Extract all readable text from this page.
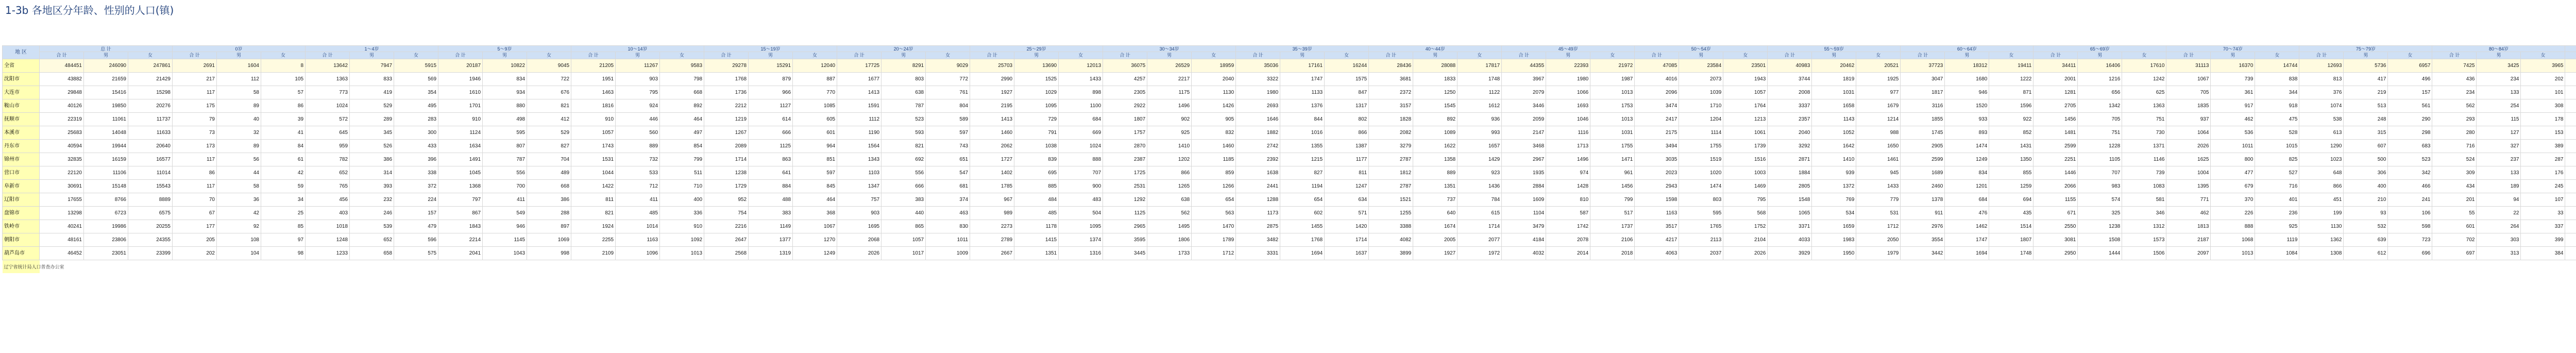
1-3b 各地区分年龄、性别的人口(镇)
地 区	总 计	0岁	1～4岁	5～9岁	10～14岁	15～19岁	20～24岁	25～29岁	30～34岁	35～39岁	40～44岁	45～49岁	50～54岁	55～59岁	60～64岁	65～69岁	70～74岁	75～79岁	80～84岁				
合 计	男	女	合 计	男	女	合 计	男	女	合 计	男	女	合 计	男	女	合 计	男	女	合 计	男	女	合 计	男	女	合 计	男	女	合 计	男	女	合 计	男	女	合 计	男	女	合 计	男	女	合 计	男	女	合 计	男	女	合 计	男	女	合 计	男	女	合 计	男	女	合 计	男	女												
全省	484451	246090	247861	2691	1604	8	13642	7947	5915	20187	10822	9045	21205	11267	9583	29278	15291	12040	17725	8291	9029	25703	13690	12013	36075	26529	18959	35036	17161	16244	28436	28088	17817	44355	22393	21972	47085	23584	23501	40983	20462	20521	37723	18312	19411	34411	16406	17610	31113	16370	14744	12693	5736	6957	7425	3425	3965												
沈阳市	43882	21659	21429	217	112	105	1363	833	569	1946	834	722	1951	903	798	1768	879	887	1677	803	772	2990	1525	1433	4257	2217	2040	3322	1747	1575	3681	1833	1748	3967	1980	1987	4016	2073	1943	3744	1819	1925	3047	1680	1222	2001	1216	1242	1067	739	838	813	417	496	436	234	202												
大连市	29848	15416	15298	117	58	57	773	419	354	1610	934	676	1463	795	668	1736	966	770	1413	638	761	1927	1029	898	2305	1175	1130	1980	1133	847	2372	1250	1122	2079	1066	1013	2096	1039	1057	2008	1031	977	1817	946	871	1281	656	625	705	361	344	376	219	157	234	133	101												
鞍山市	40126	19850	20276	175	89	86	1024	529	495	1701	880	821	1816	924	892	2212	1127	1085	1591	787	804	2195	1095	1100	2922	1496	1426	2693	1376	1317	3157	1545	1612	3446	1693	1753	3474	1710	1764	3337	1658	1679	3116	1520	1596	2705	1342	1363	1835	917	918	1074	513	561	562	254	308												
抚顺市	22319	11061	11737	79	40	39	572	289	283	910	498	412	910	446	464	1219	614	605	1112	523	589	1413	729	684	1807	902	905	1646	844	802	1828	892	936	2059	1046	1013	2417	1204	1213	2357	1143	1214	1855	933	922	1456	705	751	937	462	475	538	248	290	293	115	178												
本溪市	25683	14048	11633	73	32	41	645	345	300	1124	595	529	1057	560	497	1267	666	601	1190	593	597	1460	791	669	1757	925	832	1882	1016	866	2082	1089	993	2147	1116	1031	2175	1114	1061	2040	1052	988	1745	893	852	1481	751	730	1064	536	528	613	315	298	280	127	153												
丹东市	40594	19944	20640	173	89	84	959	526	433	1634	807	827	1743	889	854	2089	1125	964	1564	821	743	2062	1038	1024	2870	1410	1460	2742	1355	1387	3279	1622	1657	3468	1713	1755	3494	1755	1739	3292	1642	1650	2905	1474	1431	2599	1228	1371	2026	1011	1015	1290	607	683	716	327	389												
锦州市	32835	16159	16577	117	56	61	782	386	396	1491	787	704	1531	732	799	1714	863	851	1343	692	651	1727	839	888	2387	1202	1185	2392	1215	1177	2787	1358	1429	2967	1496	1471	3035	1519	1516	2871	1410	1461	2599	1249	1350	2251	1105	1146	1625	800	825	1023	500	523	524	237	287												
营口市	22120	11106	11014	86	44	42	652	314	338	1045	556	489	1044	533	511	1238	641	597	1103	556	547	1402	695	707	1725	866	859	1638	827	811	1812	889	923	1935	974	961	2023	1020	1003	1884	939	945	1689	834	855	1446	707	739	1004	477	527	648	306	342	309	133	176												
阜新市	30691	15148	15543	117	58	59	765	393	372	1368	700	668	1422	712	710	1729	884	845	1347	666	681	1785	885	900	2531	1265	1266	2441	1194	1247	2787	1351	1436	2884	1428	1456	2943	1474	1469	2805	1372	1433	2460	1201	1259	2066	983	1083	1395	679	716	866	400	466	434	189	245												
辽阳市	17655	8766	8889	70	36	34	456	232	224	797	411	386	811	411	400	952	488	464	757	383	374	967	484	483	1292	638	654	1288	654	634	1521	737	784	1609	810	799	1598	803	795	1548	769	779	1378	684	694	1155	574	581	771	370	401	451	210	241	201	94	107												
盘锦市	13298	6723	6575	67	42	25	403	246	157	867	549	288	821	485	336	754	383	368	903	440	463	989	485	504	1125	562	563	1173	602	571	1255	640	615	1104	587	517	1163	595	568	1065	534	531	911	476	435	671	325	346	462	226	236	199	93	106	55	22	33												
铁岭市	40241	19986	20255	177	92	85	1018	539	479	1843	946	897	1924	1014	910	2216	1149	1067	1695	865	830	2273	1178	1095	2965	1495	1470	2875	1455	1420	3388	1674	1714	3479	1742	1737	3517	1765	1752	3371	1659	1712	2976	1462	1514	2550	1238	1312	1813	888	925	1130	532	598	601	264	337												
朝阳市	48161	23806	24355	205	108	97	1248	652	596	2214	1145	1069	2255	1163	1092	2647	1377	1270	2068	1057	1011	2789	1415	1374	3595	1806	1789	3482	1768	1714	4082	2005	2077	4184	2078	2106	4217	2113	2104	4033	1983	2050	3554	1747	1807	3081	1508	1573	2187	1068	1119	1362	639	723	702	303	399												
葫芦岛市	46452	23051	23399	202	104	98	1233	658	575	2041	1043	998	2109	1096	1013	2568	1319	1249	2026	1017	1009	2667	1351	1316	3445	1733	1712	3331	1694	1637	3899	1927	1972	4032	2014	2018	4063	2037	2026	3929	1950	1979	3442	1694	1748	2950	1444	1506	2097	1013	1084	1308	612	696	697	313	384												
辽宁省统计局人口普查办公室	
